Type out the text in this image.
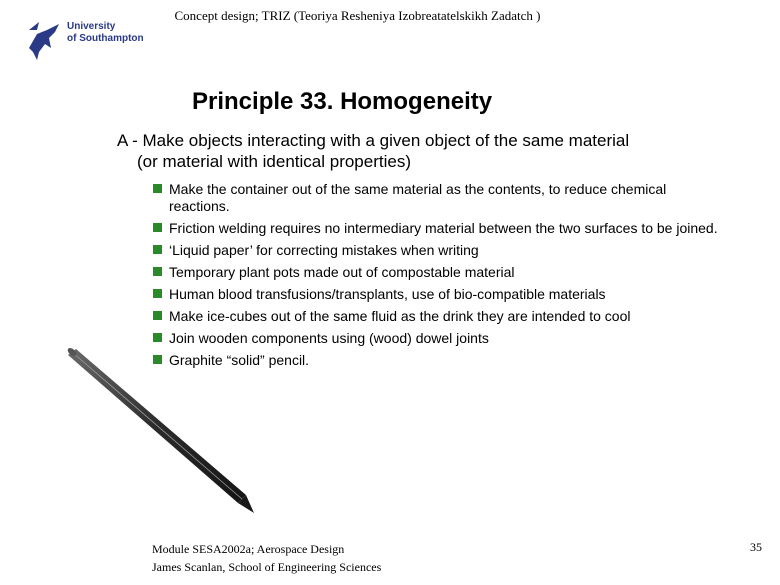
Concept design; TRIZ (Teoriya Resheniya Izobreatatelskikh Zadatch )
University
of Southampton
Principle 33. Homogeneity
A - Make objects interacting with a given object of the same material
(or material with identical properties)
Make the container out of the same material as the contents, to reduce chemical reactions.
Friction welding requires no intermediary material between the two surfaces to be joined.
‘Liquid paper’ for correcting mistakes when writing
Temporary plant pots made out of compostable material
Human blood transfusions/transplants, use of bio-compatible materials
Make ice-cubes out of the same fluid as the drink they are intended to cool
Join wooden components using (wood) dowel joints
Graphite “solid” pencil.
Module SESA2002a; Aerospace Design
James Scanlan, School of Engineering Sciences
35
